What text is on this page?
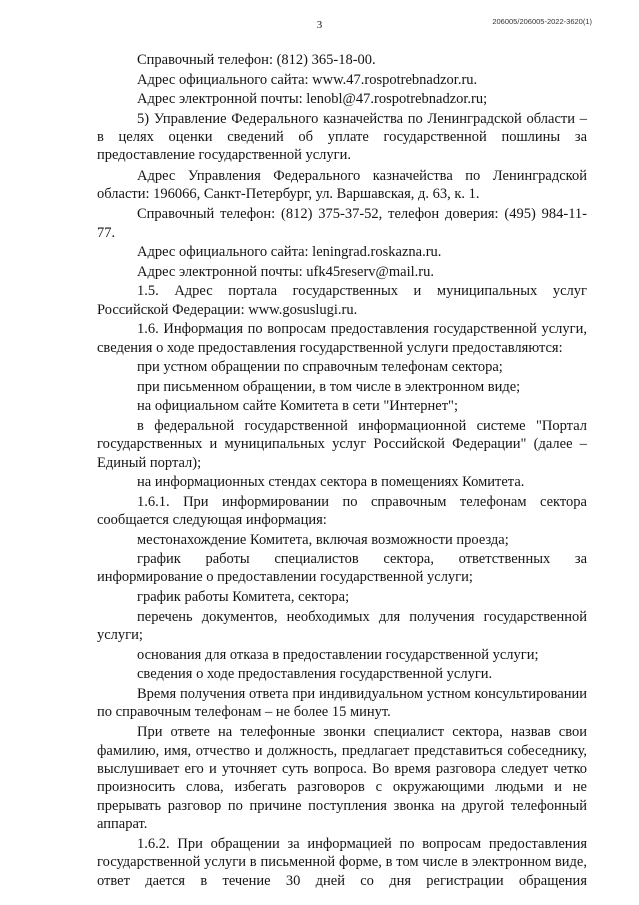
3	206005/206005-2022-3620(1)

Справочный телефон: (812) 365-18-00.

Адрес официального сайта: www.47.rospotrebnadzor.ru.

Адрес электронной почты: lenobl@47.rospotrebnadzor.ru;

5) Управление Федерального казначейства по Ленинградской области – в целях оценки сведений об уплате государственной пошлины за предоставление государственной услуги.

Адрес Управления Федерального казначейства по Ленинградской области: 196066, Санкт-Петербург, ул. Варшавская, д. 63, к. 1.

Справочный телефон: (812) 375-37-52, телефон доверия: (495) 984-11-77.

Адрес официального сайта: leningrad.roskazna.ru.

Адрес электронной почты: ufk45reserv@mail.ru.

1.5. Адрес портала государственных и муниципальных услуг Российской Федерации: www.gosuslugi.ru.

1.6. Информация по вопросам предоставления государственной услуги, сведения о ходе предоставления государственной услуги предоставляются:

при устном обращении по справочным телефонам сектора;

при письменном обращении, в том числе в электронном виде;

на официальном сайте Комитета в сети "Интернет";

в федеральной государственной информационной системе "Портал государственных и муниципальных услуг Российской Федерации" (далее – Единый портал);

на информационных стендах сектора в помещениях Комитета.

1.6.1. При информировании по справочным телефонам сектора сообщается следующая информация:

местонахождение Комитета, включая возможности проезда;

график работы специалистов сектора, ответственных за информирование о предоставлении государственной услуги;

график работы Комитета, сектора;

перечень документов, необходимых для получения государственной услуги;

основания для отказа в предоставлении государственной услуги;

сведения о ходе предоставления государственной услуги.

Время получения ответа при индивидуальном устном консультировании по справочным телефонам – не более 15 минут.

При ответе на телефонные звонки специалист сектора, назвав свои фамилию, имя, отчество и должность, предлагает представиться собеседнику, выслушивает его и уточняет суть вопроса. Во время разговора следует четко произносить слова, избегать разговоров с окружающими людьми и не прерывать разговор по причине поступления звонка на другой телефонный аппарат.

1.6.2. При обращении за информацией по вопросам предоставления государственной услуги в письменной форме, в том числе в электронном виде, ответ дается в течение 30 дней со дня регистрации обращения
